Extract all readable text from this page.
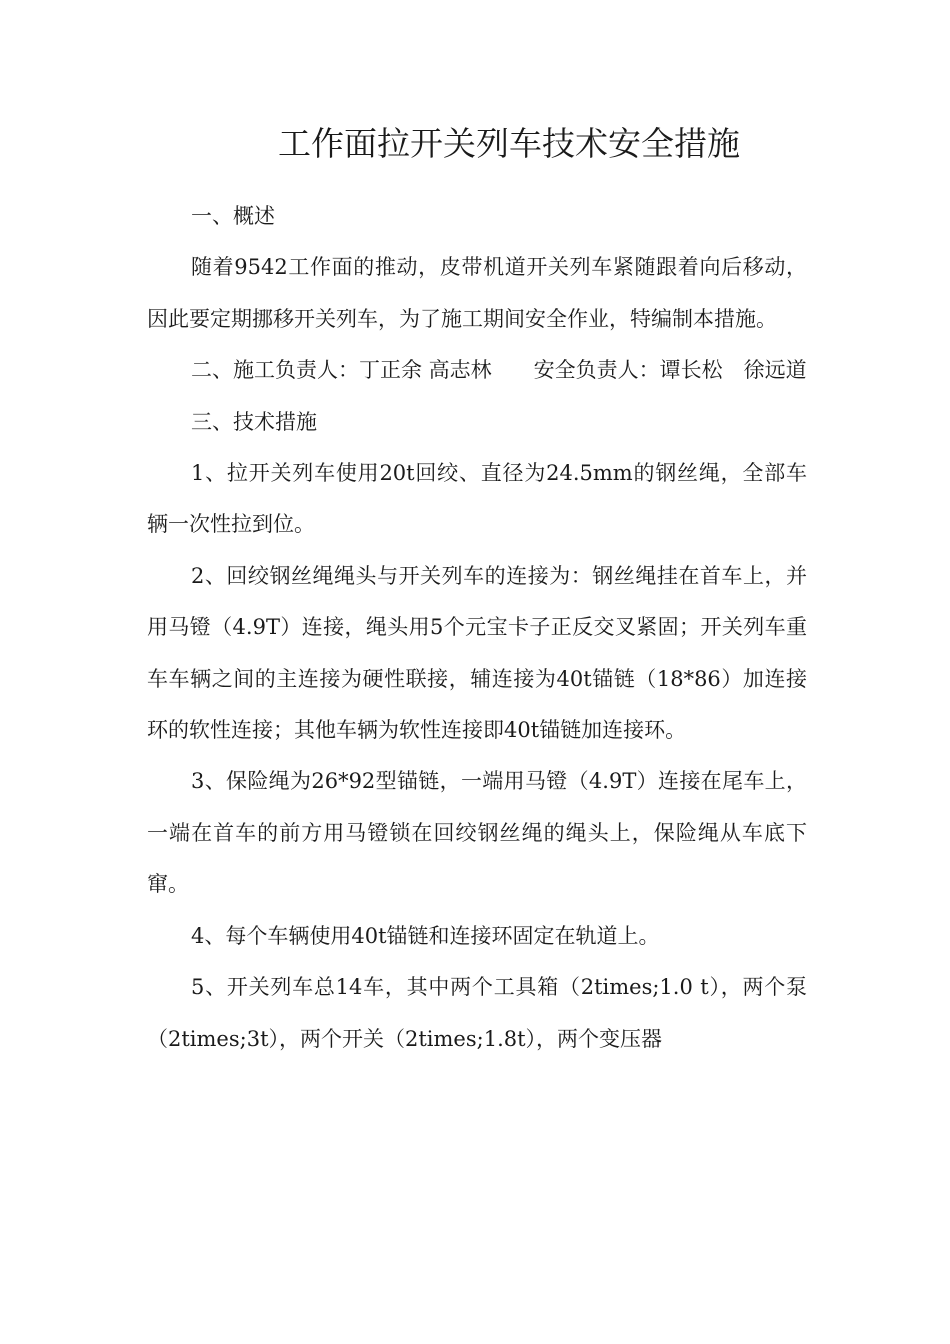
工作面拉开关列车技术安全措施

一、概述

随着9542工作面的推动，皮带机道开关列车紧随跟着向后移动，因此要定期挪移开关列车，为了施工期间安全作业，特编制本措施。

二、施工负责人：丁正余 高志林　　安全负责人：谭长松　徐远道

三、技术措施

1、拉开关列车使用20t回绞、直径为24.5mm的钢丝绳，全部车辆一次性拉到位。

2、回绞钢丝绳绳头与开关列车的连接为：钢丝绳挂在首车上，并用马镫（4.9T）连接，绳头用5个元宝卡子正反交叉紧固；开关列车重车车辆之间的主连接为硬性联接，辅连接为40t锚链（18*86）加连接环的软性连接；其他车辆为软性连接即40t锚链加连接环。

3、保险绳为26*92型锚链，一端用马镫（4.9T）连接在尾车上，一端在首车的前方用马镫锁在回绞钢丝绳的绳头上，保险绳从车底下窜。

4、每个车辆使用40t锚链和连接环固定在轨道上。

5、开关列车总14车，其中两个工具箱（2times;1.0 t），两个泵（2times;3t），两个开关（2times;1.8t），两个变压器
